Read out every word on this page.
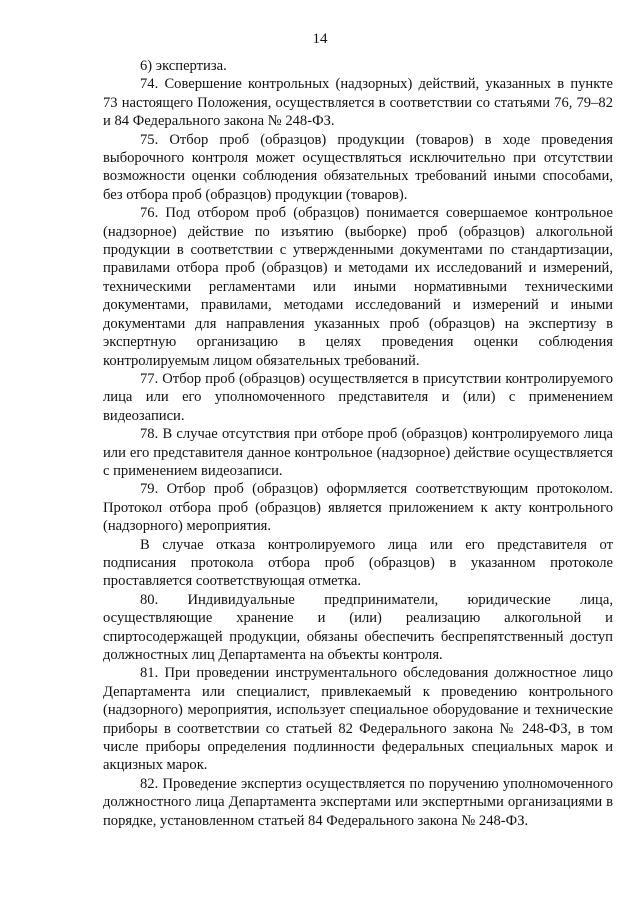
14

6) экспертиза.

74. Совершение контрольных (надзорных) действий, указанных в пункте 73 настоящего Положения, осуществляется в соответствии со статьями 76, 79–82 и 84 Федерального закона № 248-ФЗ.

75. Отбор проб (образцов) продукции (товаров) в ходе проведения выборочного контроля может осуществляться исключительно при отсутствии возможности оценки соблюдения обязательных требований иными способами, без отбора проб (образцов) продукции (товаров).

76. Под отбором проб (образцов) понимается совершаемое контрольное (надзорное) действие по изъятию (выборке) проб (образцов) алкогольной продукции в соответствии с утвержденными документами по стандартизации, правилами отбора проб (образцов) и методами их исследований и измерений, техническими регламентами или иными нормативными техническими документами, правилами, методами исследований и измерений и иными документами для направления указанных проб (образцов) на экспертизу в экспертную организацию в целях проведения оценки соблюдения контролируемым лицом обязательных требований.

77. Отбор проб (образцов) осуществляется в присутствии контролируемого лица или его уполномоченного представителя и (или) с применением видеозаписи.

78. В случае отсутствия при отборе проб (образцов) контролируемого лица или его представителя данное контрольное (надзорное) действие осуществляется с применением видеозаписи.

79. Отбор проб (образцов) оформляется соответствующим протоколом. Протокол отбора проб (образцов) является приложением к акту контрольного (надзорного) мероприятия.

В случае отказа контролируемого лица или его представителя от подписания протокола отбора проб (образцов) в указанном протоколе проставляется соответствующая отметка.

80. Индивидуальные предприниматели, юридические лица, осуществляющие хранение и (или) реализацию алкогольной и спиртосодержащей продукции, обязаны обеспечить беспрепятственный доступ должностных лиц Департамента на объекты контроля.

81. При проведении инструментального обследования должностное лицо Департамента или специалист, привлекаемый к проведению контрольного (надзорного) мероприятия, использует специальное оборудование и технические приборы в соответствии со статьей 82 Федерального закона № 248-ФЗ, в том числе приборы определения подлинности федеральных специальных марок и акцизных марок.

82. Проведение экспертиз осуществляется по поручению уполномоченного должностного лица Департамента экспертами или экспертными организациями в порядке, установленном статьей 84 Федерального закона № 248-ФЗ.
